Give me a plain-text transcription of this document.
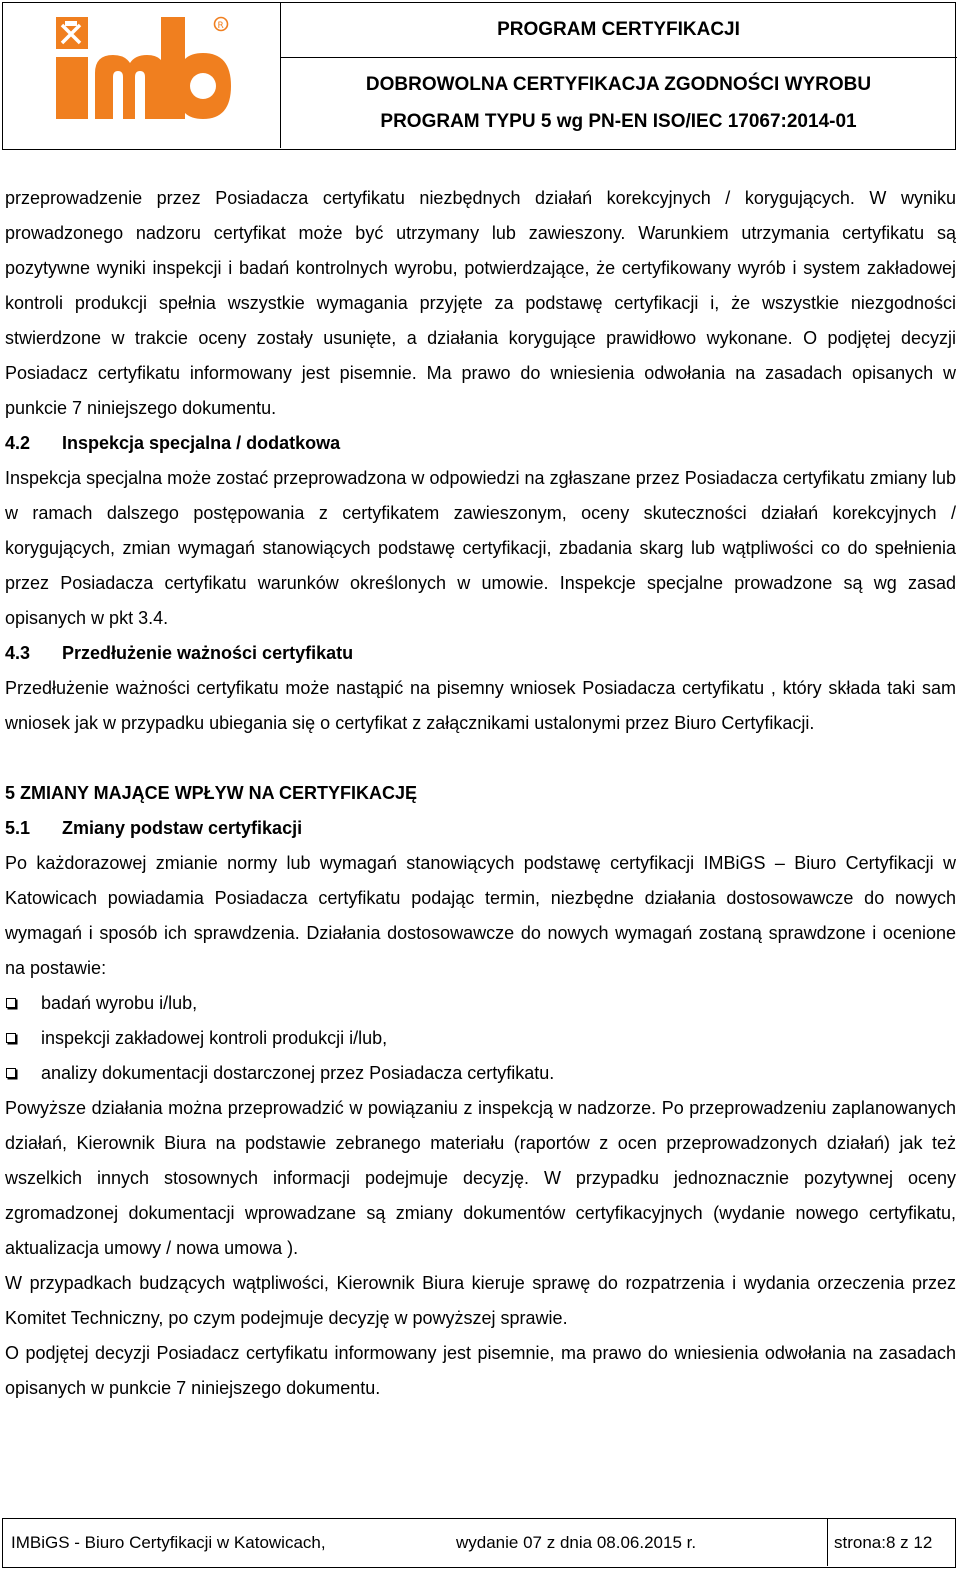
R	PROGRAM CERTYFIKACJI
DOBROWOLNA CERTYFIKACJA ZGODNOŚCI WYROBU
PROGRAM TYPU 5 wg PN-EN ISO/IEC 17067:2014-01

przeprowadzenie przez Posiadacza certyfikatu niezbędnych działań korekcyjnych / korygujących. W wyniku prowadzonego nadzoru certyfikat może być utrzymany lub zawieszony. Warunkiem utrzymania certyfikatu są pozytywne wyniki inspekcji i badań kontrolnych wyrobu, potwierdzające, że certyfikowany wyrób i system zakładowej kontroli produkcji spełnia wszystkie wymagania przyjęte za podstawę certyfikacji i, że wszystkie niezgodności stwierdzone w trakcie oceny zostały usunięte, a działania korygujące prawidłowo wykonane. O podjętej decyzji Posiadacz certyfikatu informowany jest pisemnie. Ma prawo do wniesienia odwołania na zasadach opisanych w punkcie 7 niniejszego dokumentu.

4.2 Inspekcja specjalna / dodatkowa

Inspekcja specjalna może zostać przeprowadzona w odpowiedzi na zgłaszane przez Posiadacza certyfikatu zmiany lub w ramach dalszego postępowania z certyfikatem zawieszonym, oceny skuteczności działań korekcyjnych / korygujących, zmian wymagań stanowiących podstawę certyfikacji, zbadania skarg lub wątpliwości co do spełnienia przez Posiadacza certyfikatu warunków określonych w umowie. Inspekcje specjalne prowadzone są wg zasad opisanych w pkt 3.4.

4.3 Przedłużenie ważności certyfikatu

Przedłużenie ważności certyfikatu może nastąpić na pisemny wniosek Posiadacza certyfikatu , który składa taki sam wniosek jak w przypadku ubiegania się o certyfikat z załącznikami ustalonymi przez Biuro Certyfikacji.

5 ZMIANY MAJĄCE WPŁYW NA CERTYFIKACJĘ
5.1 Zmiany podstaw certyfikacji

Po każdorazowej zmianie normy lub wymagań stanowiących podstawę certyfikacji IMBiGS – Biuro Certyfikacji w Katowicach powiadamia Posiadacza certyfikatu podając termin, niezbędne działania dostosowawcze do nowych wymagań i sposób ich sprawdzenia. Działania dostosowawcze do nowych wymagań zostaną sprawdzone i ocenione na postawie:

badań wyrobu i/lub,
inspekcji zakładowej kontroli produkcji i/lub,
analizy dokumentacji dostarczonej przez Posiadacza certyfikatu.

Powyższe działania można przeprowadzić w powiązaniu z inspekcją w nadzorze. Po przeprowadzeniu zaplanowanych działań, Kierownik Biura na podstawie zebranego materiału (raportów z ocen przeprowadzonych działań) jak też wszelkich innych stosownych informacji podejmuje decyzję. W przypadku jednoznacznie pozytywnej oceny zgromadzonej dokumentacji wprowadzane są zmiany dokumentów certyfikacyjnych (wydanie nowego certyfikatu, aktualizacja umowy / nowa umowa ).

W przypadkach budzących wątpliwości, Kierownik Biura kieruje sprawę do rozpatrzenia i wydania orzeczenia przez Komitet Techniczny, po czym podejmuje decyzję w powyższej sprawie.

O podjętej decyzji Posiadacz certyfikatu informowany jest pisemnie, ma prawo do wniesienia odwołania na zasadach opisanych w punkcie 7 niniejszego dokumentu.

IMBiGS - Biuro Certyfikacji w Katowicach,	wydanie 07 z dnia 08.06.2015 r.	strona:8 z 12
